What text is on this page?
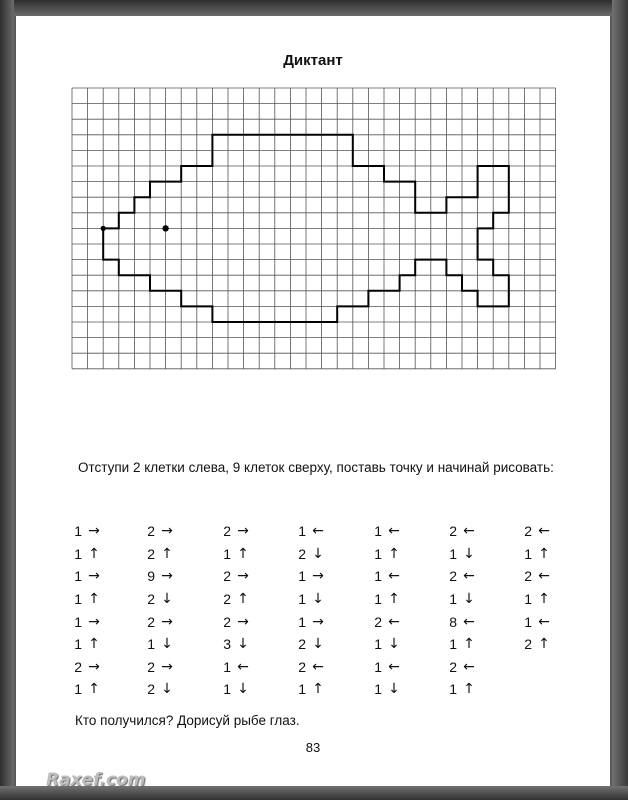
Диктант
Отступи 2 клетки слева, 9 клеток сверху, поставь точку и начинай рисовать:
1 →
1 ↑
1 →
1 ↑
1 →
1 ↑
2 →
1 ↑
2 →
2 ↑
9 →
2 ↓
2 →
1 ↓
2 →
2 ↓
2 →
1 ↑
2 →
2 ↑
2 →
3 ↓
1 ←
1 ↓
1 ←
2 ↓
1 →
1 ↓
1 →
2 ↓
2 ←
1 ↑
1 ←
1 ↑
1 ←
1 ↑
2 ←
1 ↓
1 ←
1 ↓
2 ←
1 ↓
2 ←
1 ↓
8 ←
1 ↑
2 ←
1 ↑
2 ←
1 ↑
2 ←
1 ↑
1 ←
2 ↑
Кто получился? Дорисуй рыбе глаз.
83
Raxef.com
